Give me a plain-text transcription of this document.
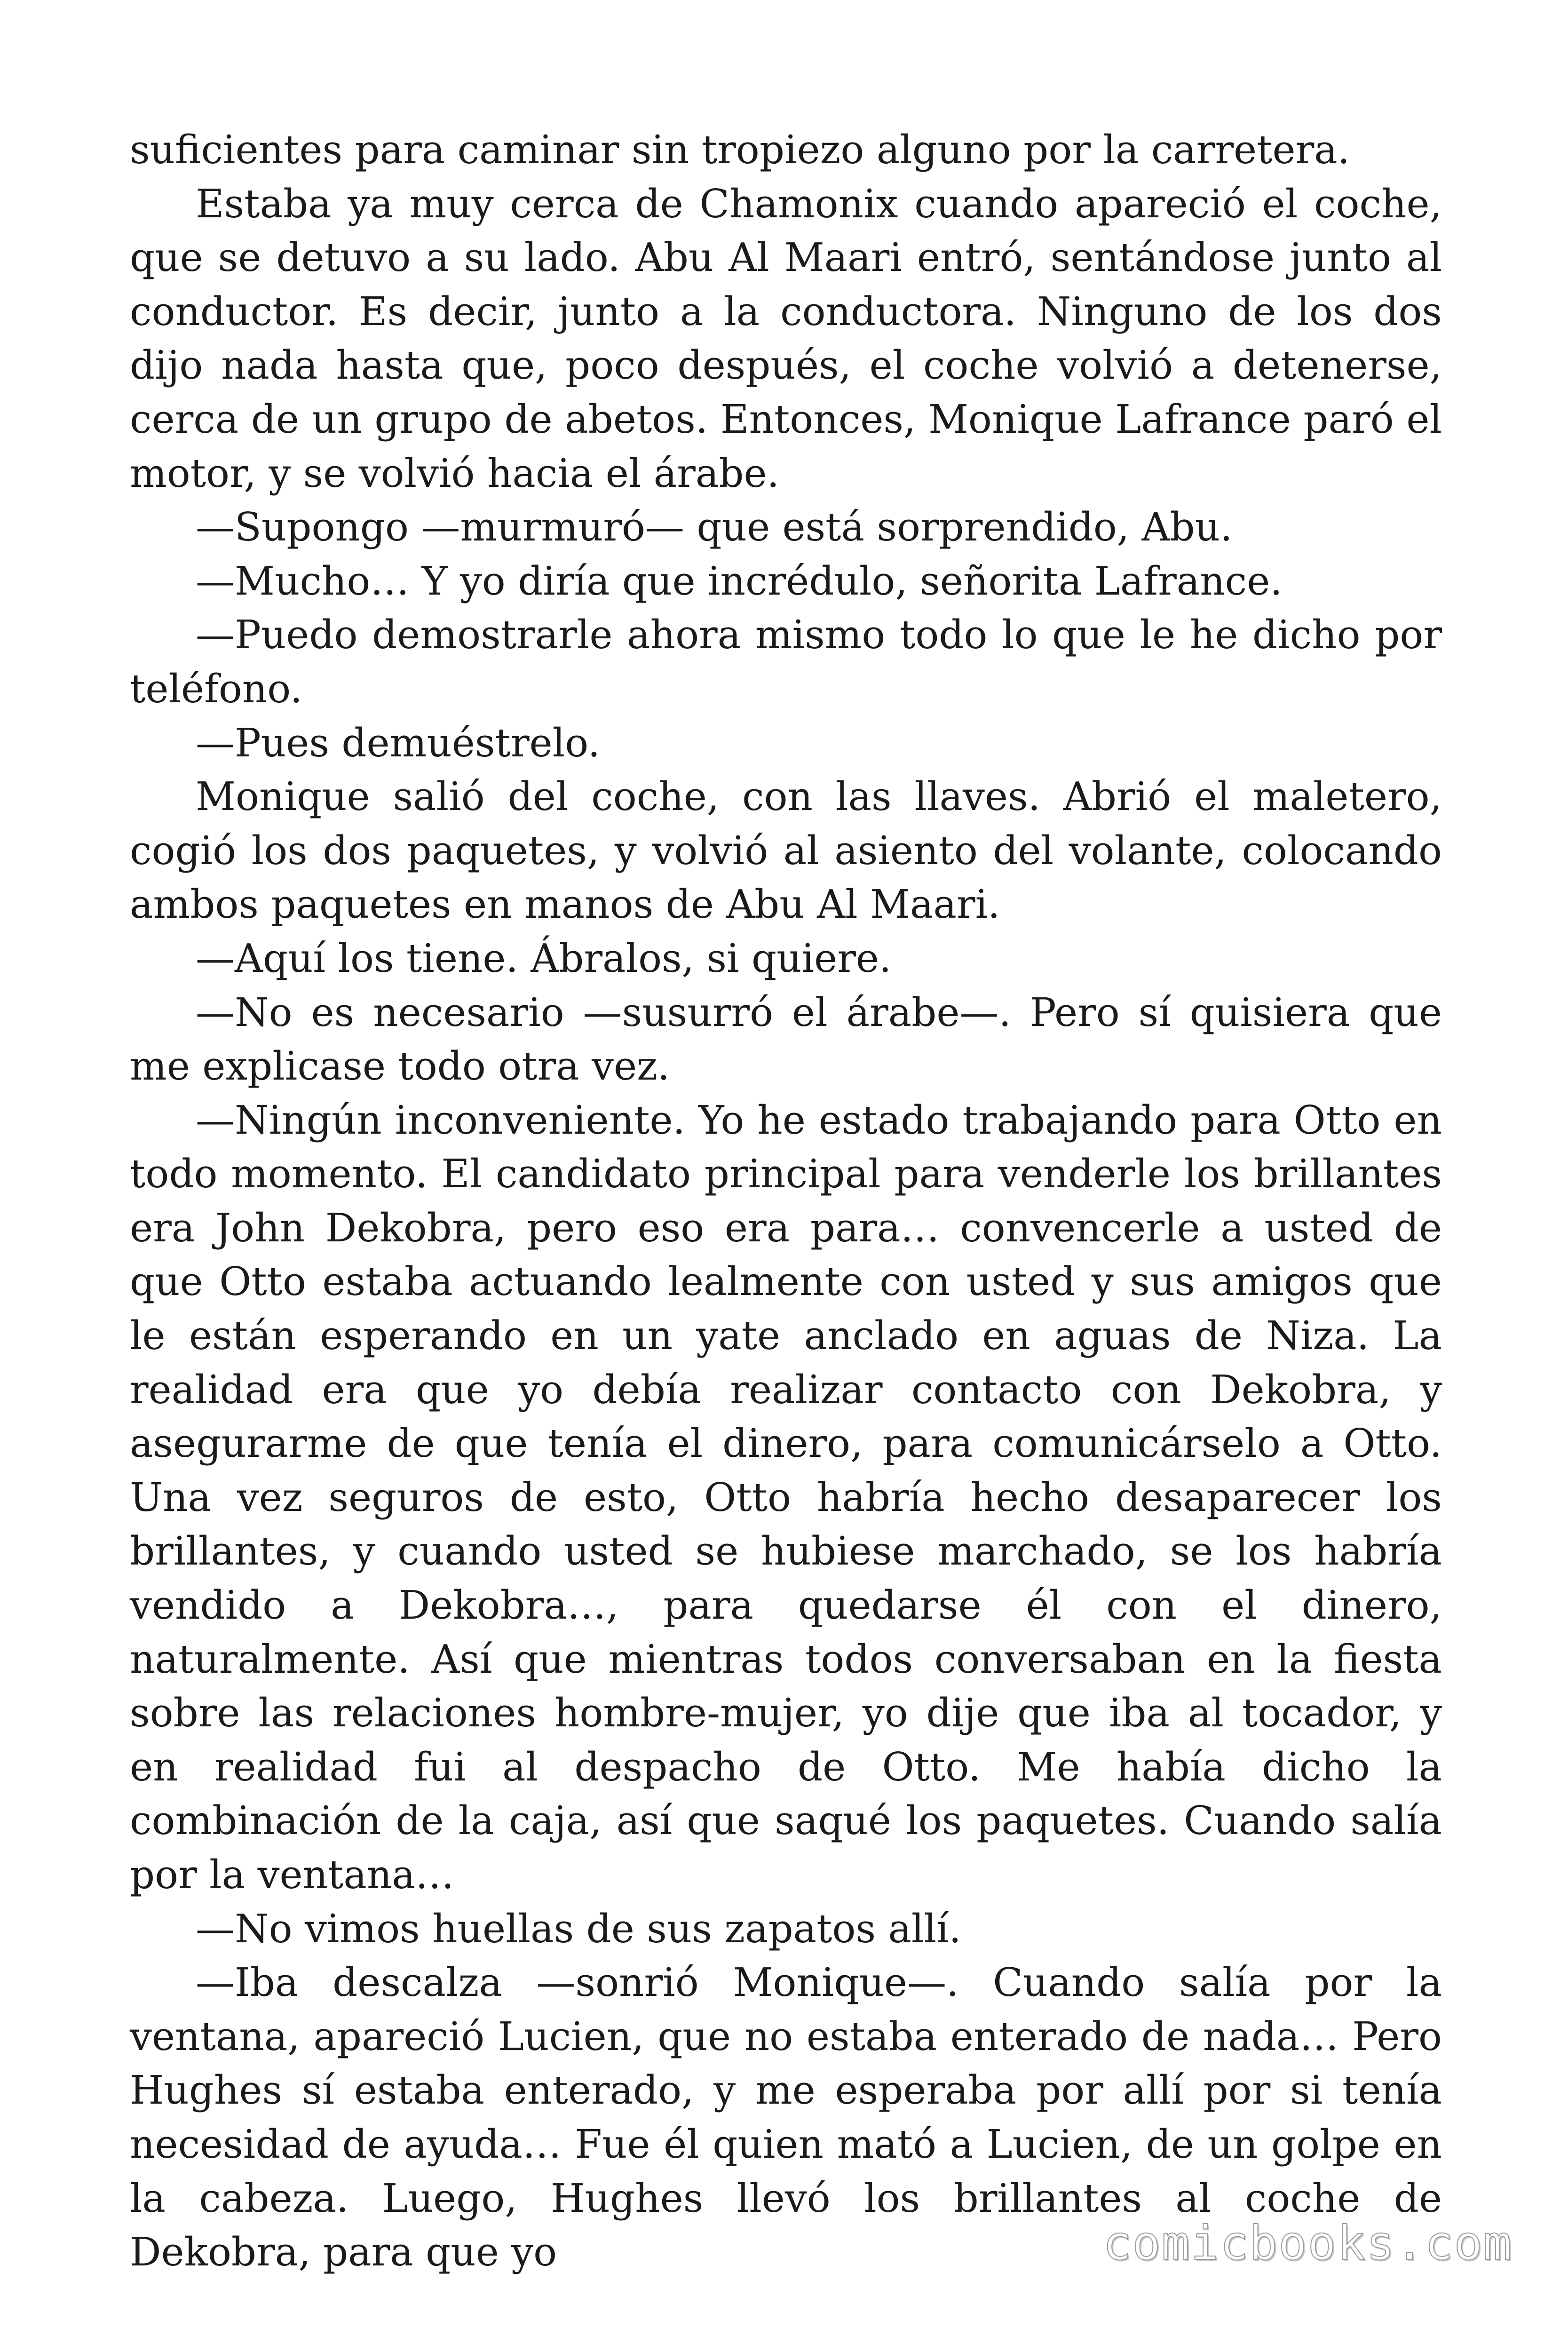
suficientes para caminar sin tropiezo alguno por la carretera.

Estaba ya muy cerca de Chamonix cuando apareció el coche, que se detuvo a su lado. Abu Al Maari entró, sentándose junto al conductor. Es decir, junto a la conductora. Ninguno de los dos dijo nada hasta que, poco después, el coche volvió a detenerse, cerca de un grupo de abetos. Entonces, Monique Lafrance paró el motor, y se volvió hacia el árabe.

—Supongo —murmuró— que está sorprendido, Abu.

—Mucho… Y yo diría que incrédulo, señorita Lafrance.

—Puedo demostrarle ahora mismo todo lo que le he dicho por teléfono.

—Pues demuéstrelo.

Monique salió del coche, con las llaves. Abrió el maletero, cogió los dos paquetes, y volvió al asiento del volante, colocando ambos paquetes en manos de Abu Al Maari.

—Aquí los tiene. Ábralos, si quiere.

—No es necesario —susurró el árabe—. Pero sí quisiera que me explicase todo otra vez.

—Ningún inconveniente. Yo he estado trabajando para Otto en todo momento. El candidato principal para venderle los brillantes era John Dekobra, pero eso era para… convencerle a usted de que Otto estaba actuando lealmente con usted y sus amigos que le están esperando en un yate anclado en aguas de Niza. La realidad era que yo debía realizar contacto con Dekobra, y asegurarme de que tenía el dinero, para comunicárselo a Otto. Una vez seguros de esto, Otto habría hecho desaparecer los brillantes, y cuando usted se hubiese marchado, se los habría vendido a Dekobra…, para quedarse él con el dinero, naturalmente. Así que mientras todos conversaban en la fiesta sobre las relaciones hombre-mujer, yo dije que iba al tocador, y en realidad fui al despacho de Otto. Me había dicho la combinación de la caja, así que saqué los paquetes. Cuando salía por la ventana…

—No vimos huellas de sus zapatos allí.

—Iba descalza —sonrió Monique—. Cuando salía por la ventana, apareció Lucien, que no estaba enterado de nada… Pero Hughes sí estaba enterado, y me esperaba por allí por si tenía necesidad de ayuda… Fue él quien mató a Lucien, de un golpe en la cabeza. Luego, Hughes llevó los brillantes al coche de Dekobra, para que yo	comicbooks.com
